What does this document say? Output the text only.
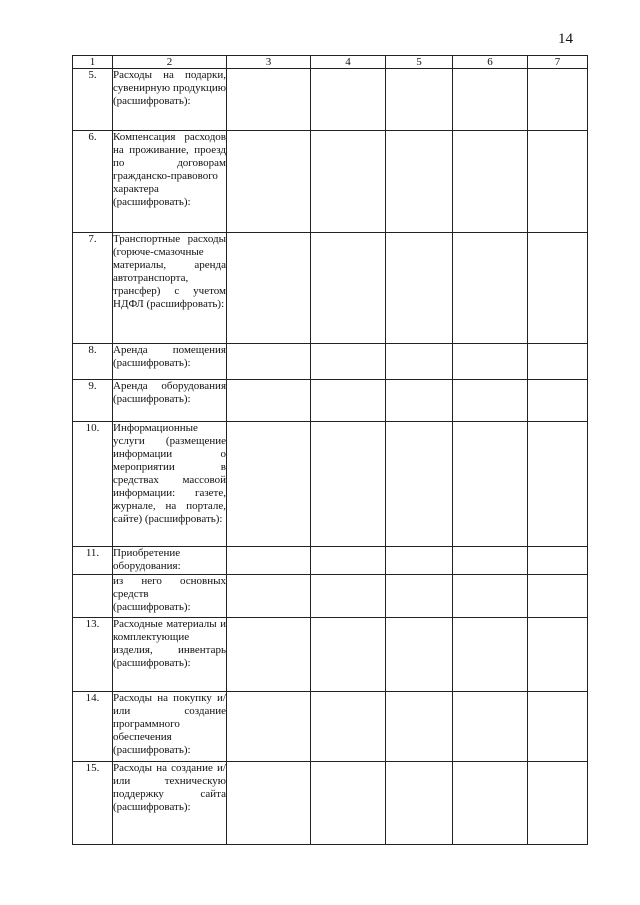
14
1	2	3	4	5	6	7
5.	Расходы на подарки, сувенирную продукцию (расшифровать):					
6.	Компенсация расходов на проживание, проезд по договорам гражданско-правового характера (расшифровать):					
7.	Транспортные расходы (горюче-смазочные материалы, аренда автотранспорта, трансфер) с учетом НДФЛ (расшифровать):					
8.	Аренда помещения (расшифровать):					
9.	Аренда оборудования (расшифровать):					
10.	Информационные услуги (размещение информации о мероприятии в средствах массовой информации: газете, журнале, на портале, сайте) (расшифровать):					
11.	Приобретение оборудования:					
	из него основных средств (расшифровать):					
13.	Расходные материалы и комплектующие изделия, инвентарь (расшифровать):					
14.	Расходы на покупку и/или создание программного обеспечения (расшифровать):					
15.	Расходы на создание и/или техническую поддержку сайта (расшифровать):					
